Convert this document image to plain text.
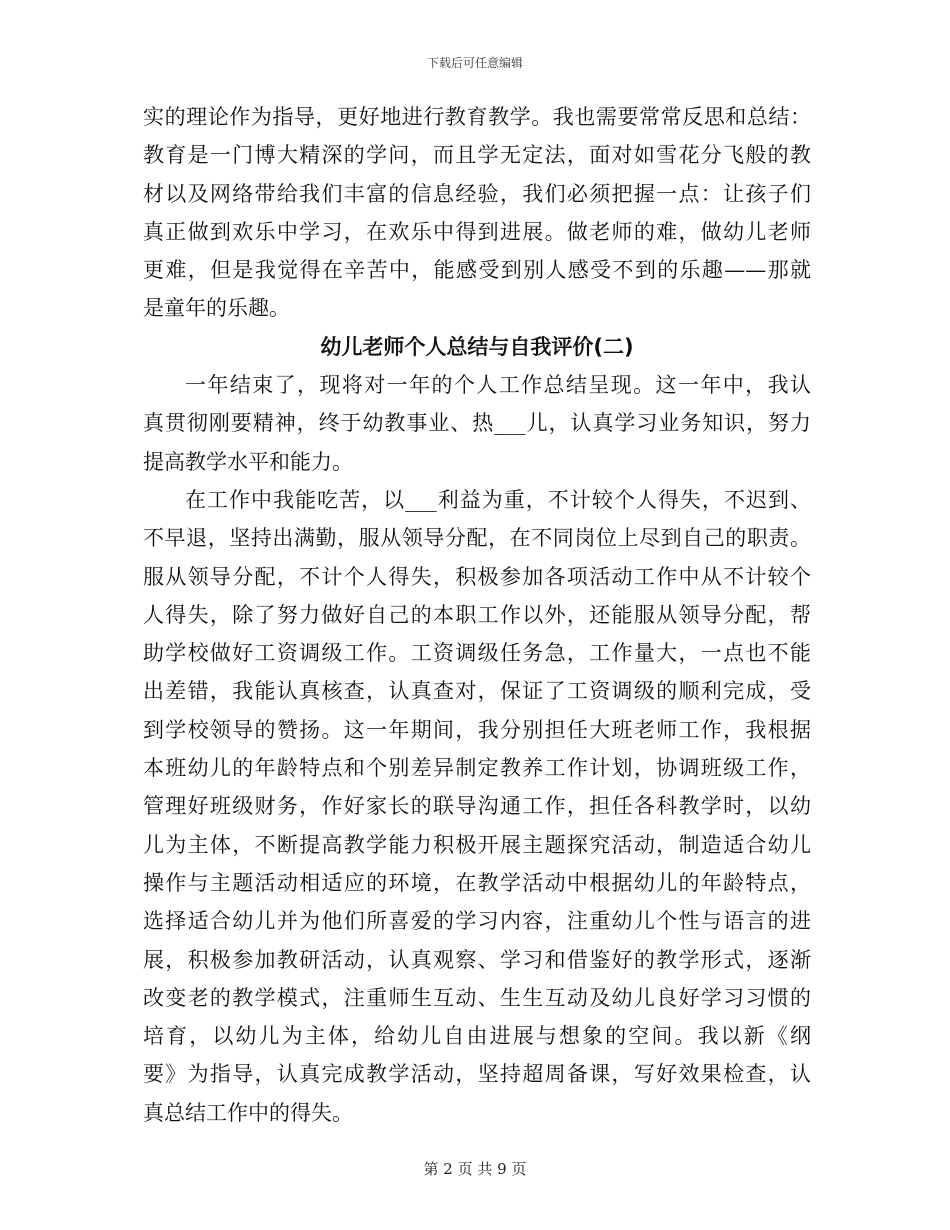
下载后可任意编辑
实的理论作为指导，更好地进行教育教学。我也需要常常反思和总结：
教育是一门博大精深的学问，而且学无定法，面对如雪花分飞般的教
材以及网络带给我们丰富的信息经验，我们必须把握一点：让孩子们
真正做到欢乐中学习，在欢乐中得到进展。做老师的难，做幼儿老师
更难，但是我觉得在辛苦中，能感受到别人感受不到的乐趣——那就
是童年的乐趣。
幼儿老师个人总结与自我评价(二)
一年结束了，现将对一年的个人工作总结呈现。这一年中，我认
真贯彻刚要精神，终于幼教事业、热___儿，认真学习业务知识，努力
提高教学水平和能力。
在工作中我能吃苦，以___利益为重，不计较个人得失，不迟到、
不早退，坚持出满勤，服从领导分配，在不同岗位上尽到自己的职责。
服从领导分配，不计个人得失，积极参加各项活动工作中从不计较个
人得失，除了努力做好自己的本职工作以外，还能服从领导分配，帮
助学校做好工资调级工作。工资调级任务急，工作量大，一点也不能
出差错，我能认真核查，认真查对，保证了工资调级的顺利完成，受
到学校领导的赞扬。这一年期间，我分别担任大班老师工作，我根据
本班幼儿的年龄特点和个别差异制定教养工作计划，协调班级工作，
管理好班级财务，作好家长的联导沟通工作，担任各科教学时，以幼
儿为主体，不断提高教学能力积极开展主题探究活动，制造适合幼儿
操作与主题活动相适应的环境，在教学活动中根据幼儿的年龄特点，
选择适合幼儿并为他们所喜爱的学习内容，注重幼儿个性与语言的进
展，积极参加教研活动，认真观察、学习和借鉴好的教学形式，逐渐
改变老的教学模式，注重师生互动、生生互动及幼儿良好学习习惯的
培育，以幼儿为主体，给幼儿自由进展与想象的空间。我以新《纲
要》为指导，认真完成教学活动，坚持超周备课，写好效果检查，认
真总结工作中的得失。
第 2 页 共 9 页
